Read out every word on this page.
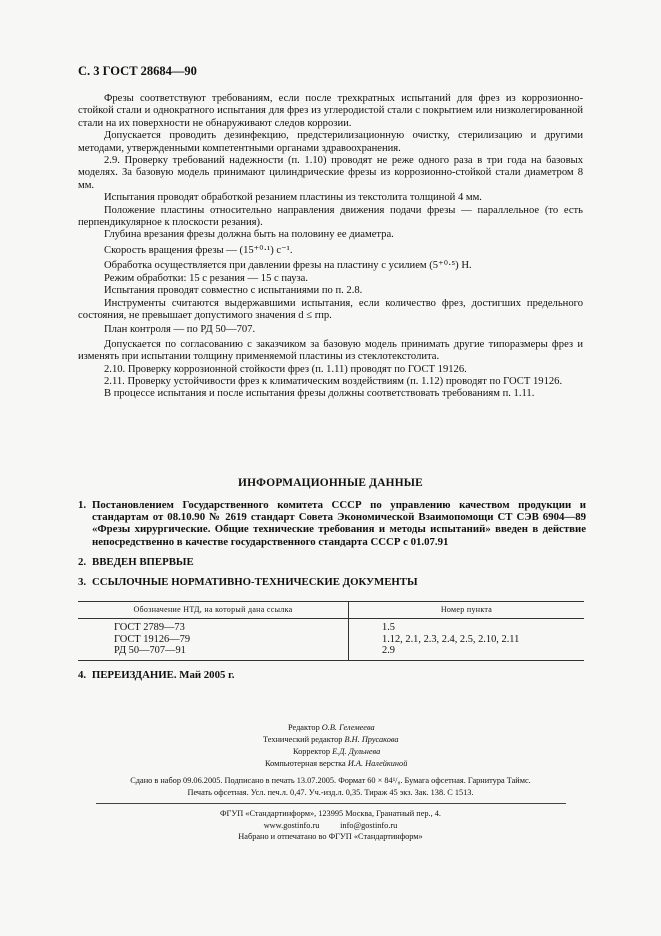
С. 3 ГОСТ 28684—90

Фрезы соответствуют требованиям, если после трехкратных испытаний для фрез из коррозионно-стойкой стали и однократного испытания для фрез из углеродистой стали с покрытием или низколегированной стали на их поверхности не обнаруживают следов коррозии.

Допускается проводить дезинфекцию, предстерилизационную очистку, стерилизацию и другими методами, утвержденными компетентными органами здравоохранения.

2.9. Проверку требований надежности (п. 1.10) проводят не реже одного раза в три года на базовых моделях. За базовую модель принимают цилиндрические фрезы из коррозионно-стойкой стали диаметром 8 мм.

Испытания проводят обработкой резанием пластины из текстолита толщиной 4 мм.

Положение пластины относительно направления движения подачи фрезы — параллельное (то есть перпендикулярное к плоскости резания).

Глубина врезания фрезы должна быть на половину ее диаметра.

Скорость вращения фрезы — (15⁺⁰·¹) с⁻¹.

Обработка осуществляется при давлении фрезы на пластину с усилием (5⁺⁰·⁵) Н.

Режим обработки: 15 с резания — 15 с пауза.

Испытания проводят совместно с испытаниями по п. 2.8.

Инструменты считаются выдержавшими испытания, если количество фрез, достигших предельного состояния, не превышает допустимого значения d ≤ rпр.

План контроля — по РД 50—707.

Допускается по согласованию с заказчиком за базовую модель принимать другие типоразмеры фрез и изменять при испытании толщину применяемой пластины из стеклотекстолита.

2.10. Проверку коррозионной стойкости фрез (п. 1.11) проводят по ГОСТ 19126.

2.11. Проверку устойчивости фрез к климатическим воздействиям (п. 1.12) проводят по ГОСТ 19126.

В процессе испытания и после испытания фрезы должны соответствовать требованиям п. 1.11.

ИНФОРМАЦИОННЫЕ ДАННЫЕ
1. Постановлением Государственного комитета СССР по управлению качеством продукции и стандартам от 08.10.90 № 2619 стандарт Совета Экономической Взаимопомощи СТ СЭВ 6904—89 «Фрезы хирургические. Общие технические требования и методы испытаний» введен в действие непосредственно в качестве государственного стандарта СССР с 01.07.91
2. ВВЕДЕН ВПЕРВЫЕ
3. ССЫЛОЧНЫЕ НОРМАТИВНО-ТЕХНИЧЕСКИЕ ДОКУМЕНТЫ
Обозначение НТД, на который дана ссылка	Номер пункта
ГОСТ 2789—73	1.5
ГОСТ 19126—79	1.12, 2.1, 2.3, 2.4, 2.5, 2.10, 2.11
РД 50—707—91	2.9
4. ПЕРЕИЗДАНИЕ. Май 2005 г.
Редактор О.В. Гелемеева
Технический редактор В.Н. Прусакова
Корректор Е.Д. Дульнева
Компьютерная верстка И.А. Налейкиной
Сдано в набор 09.06.2005. Подписано в печать 13.07.2005. Формат 60 × 84¹/₈. Бумага офсетная. Гарнитура Таймс.
Печать офсетная. Усл. печ.л. 0,47. Уч.-изд.л. 0,35. Тираж 45 экз. Зак. 138. С 1513.
ФГУП «Стандартинформ», 123995 Москва, Гранатный пер., 4.
www.gostinfo.ru          info@gostinfo.ru
Набрано и отпечатано во ФГУП «Стандартинформ»
